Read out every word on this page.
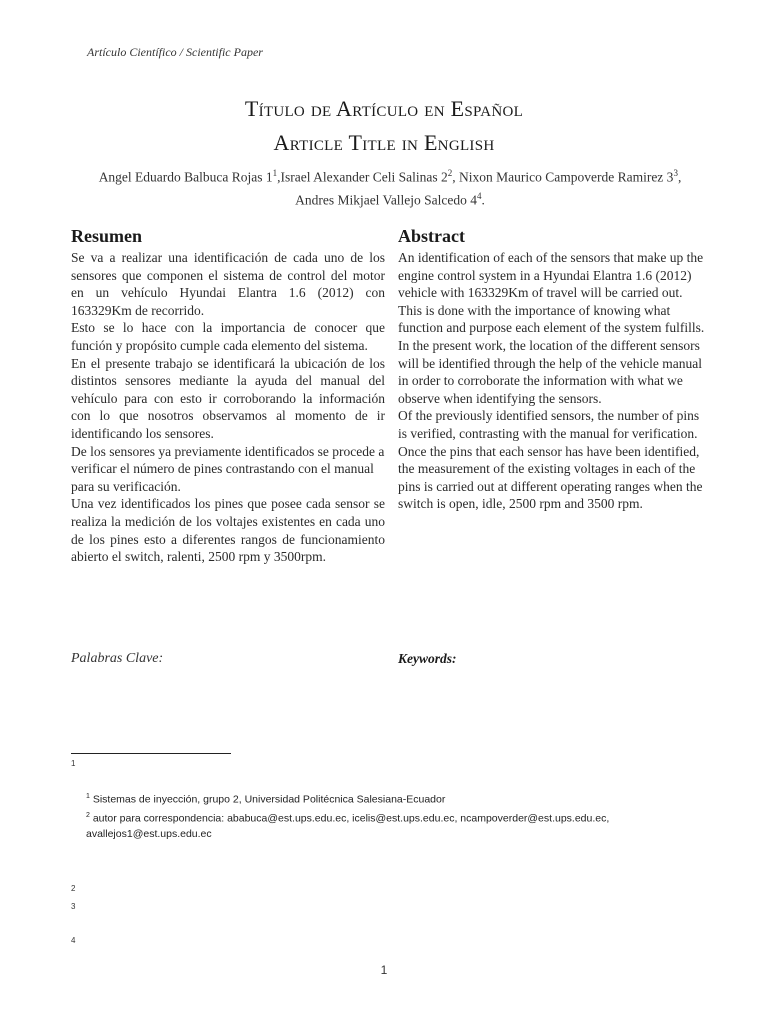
Artículo Científico / Scientific Paper
Título de Artículo en Español
Article Title in English
Angel Eduardo Balbuca Rojas $1^1,Israel$ Alexander Celi Salinas $2^2$, Nixon Maurico Campoverde Ramirez $3^3$, Andres Mikjael Vallejo Salcedo $4^4$.
Resumen

Se va a realizar una identificación de cada uno de los sensores que componen el sistema de control del motor en un vehículo Hyundai Elantra 1.6 (2012) con 163329Km de recorrido.

Esto se lo hace con la importancia de conocer que función y propósito cumple cada elemento del sistema.

En el presente trabajo se identificará la ubicación de los distintos sensores mediante la ayuda del manual del vehículo para con esto ir corroborando la información con lo que nosotros observamos al momento de ir identificando los sensores.

De los sensores ya previamente identificados se procede a verificar el número de pines contrastando con el manual para su verificación.

Una vez identificados los pines que posee cada sensor se realiza la medición de los voltajes existentes en cada uno de los pines esto a diferentes rangos de funcionamiento abierto el switch, ralenti, 2500 rpm y 3500rpm.

Abstract

An identification of each of the sensors that make up the engine control system in a Hyundai Elantra 1.6 (2012) vehicle with 163329Km of travel will be carried out.

This is done with the importance of knowing what function and purpose each element of the system fulfills.

In the present work, the location of the different sensors will be identified through the help of the vehicle manual in order to corroborate the information with what we observe when identifying the sensors.

Of the previously identified sensors, the number of pins is verified, contrasting with the manual for verification.

Once the pins that each sensor has have been identified, the measurement of the existing voltages in each of the pins is carried out at different operating ranges when the switch is open, idle, 2500 rpm and 3500 rpm.

Palabras Clave:	Keywords:
1
$^1$ Sistemas de inyección, grupo 2, Universidad Politécnica Salesiana-Ecuador
$^2$ autor para correspondencia: ababuca@est.ups.edu.ec, icelis@est.ups.edu.ec, ncampoverder@est.ups.edu.ec, avallejos1@est.ups.edu.ec
2
3
4
1
